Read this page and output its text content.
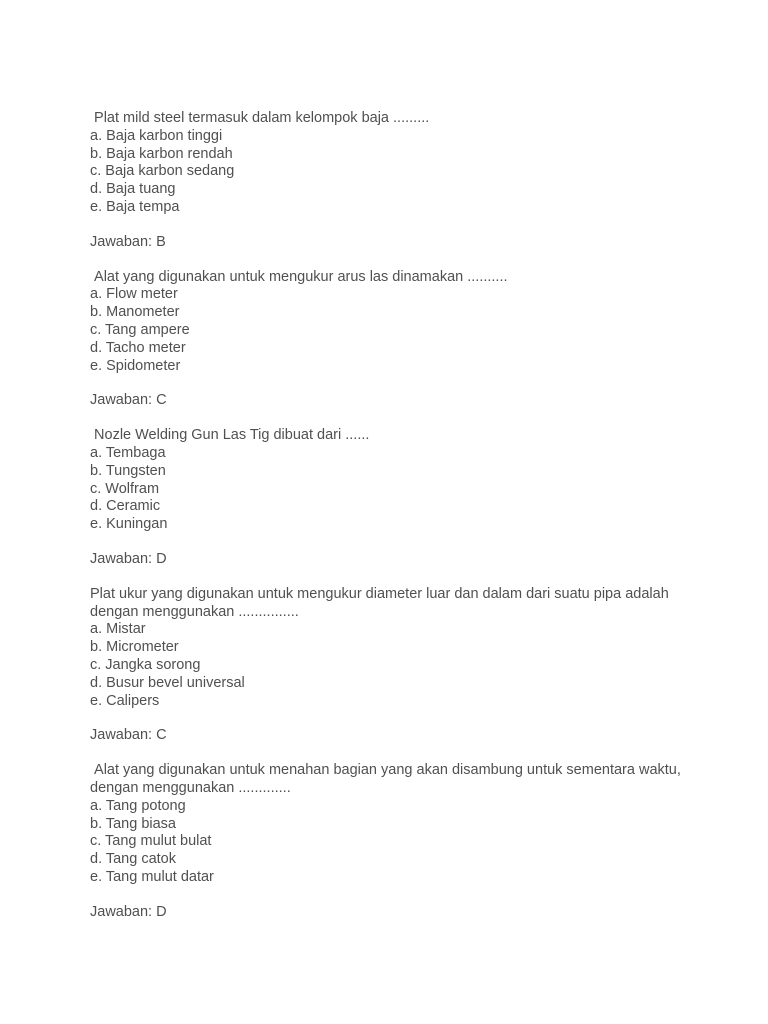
Plat mild steel termasuk dalam kelompok baja .........

a. Baja karbon tinggi

b. Baja karbon rendah

c. Baja karbon sedang

d. Baja tuang

e. Baja tempa

Jawaban: B

Alat yang digunakan untuk mengukur arus las dinamakan ..........

a. Flow meter

b. Manometer

c. Tang ampere

d. Tacho meter

e. Spidometer

Jawaban: C

Nozle Welding Gun Las Tig dibuat dari ......

a. Tembaga

b. Tungsten

c. Wolfram

d. Ceramic

e. Kuningan

Jawaban: D

Plat ukur yang digunakan untuk mengukur diameter luar dan dalam dari suatu pipa adalah dengan menggunakan ...............

a. Mistar

b. Micrometer

c. Jangka sorong

d. Busur bevel universal

e. Calipers

Jawaban: C

Alat yang digunakan untuk menahan bagian yang akan disambung untuk sementara waktu, dengan menggunakan .............

a. Tang potong

b. Tang biasa

c. Tang mulut bulat

d. Tang catok

e. Tang mulut datar

Jawaban: D
